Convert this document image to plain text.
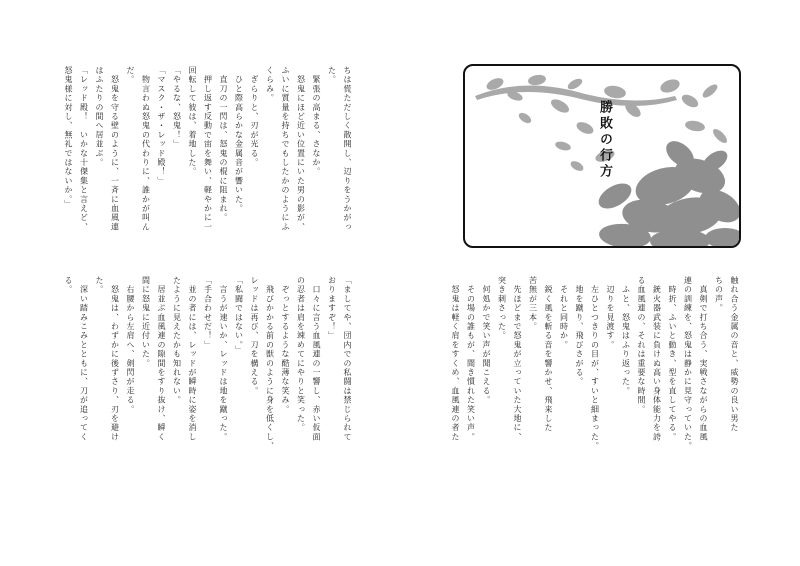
ちは慌ただしく散開し、辺りをうかがっ
た。
　緊張の高まる、さなか。
　怒鬼にほど近い位置にいた男の影が、
ふいに質量を持ちでもしたかのようにふ
くらみ。
　ぎらりと、刃が光る。
　ひと際高らかな金属音が響いた。
　直刀の一閃は、怒鬼の棍に阻まれ。
　押し返す反動で宙を舞い、軽やかに一
回転して彼は、着地した。
「やるな、怒鬼！」
「マスク・ザ・レッド殿！」
　物言わぬ怒鬼の代わりに、誰かが叫ん
だ。
　怒鬼を守る壁のように、一斉に血風連
はふたりの間へ居並ぶ。
「レッド殿！　いかな十傑集と言えど、
怒鬼様に対し、無礼ではないか。」
「ましてや、団内での私闘は禁じられて
おりますぞ！」
　口々に言う血風連の一響し、赤い仮面
の忍者は肩を竦めてにやりと笑った。
　ぞっとするような酷薄な笑み。
　飛びかかる前の獣のように身を低くし、
レッドは再び、刀を構える。
「私闘ではない。」
　言うが速いか、レッドは地を蹴った。
「手合わせだ！」
　並の者には、レッドが瞬時に姿を消し
たように見えたかも知れない。
　居並ぶ血風連の隙間をすり抜け、瞬く
間に怒鬼に近付いた。
　右腰から左肩へ、剣閃が走る。
　怒鬼は、わずかに後ずさり、刃を避け
た。
　深い踏みこみとともに、刀が追ってく
る。	触れ合う金属の音と、威勢の良い男た
ちの声。
　真剣で打ち合う、実戦さながらの血風
連の訓練を、怒鬼は静かに見守っていた。
　時折、ふいと動き、型を直してやる。
　銃火器武装に負けぬ高い身体能力を誇
る血風連の、それは重要な時間。
　ふと、怒鬼はふり返った。
　辺りを見渡す。
　左ひとつきりの目が、すいと細まった。
　地を蹴り、飛びさがる。
　それと同時か。
　鋭く風を斬る音を響かせ、飛来した
苦無が三本。
　先ほどまで怒鬼が立っていた大地に、
突き刺さった。
　何処かで笑い声が聞こえる。
　その場の誰もが、聞き慣れた笑い声。
　怒鬼は軽く肩をすくめ、血風連の者た
勝敗の行方
